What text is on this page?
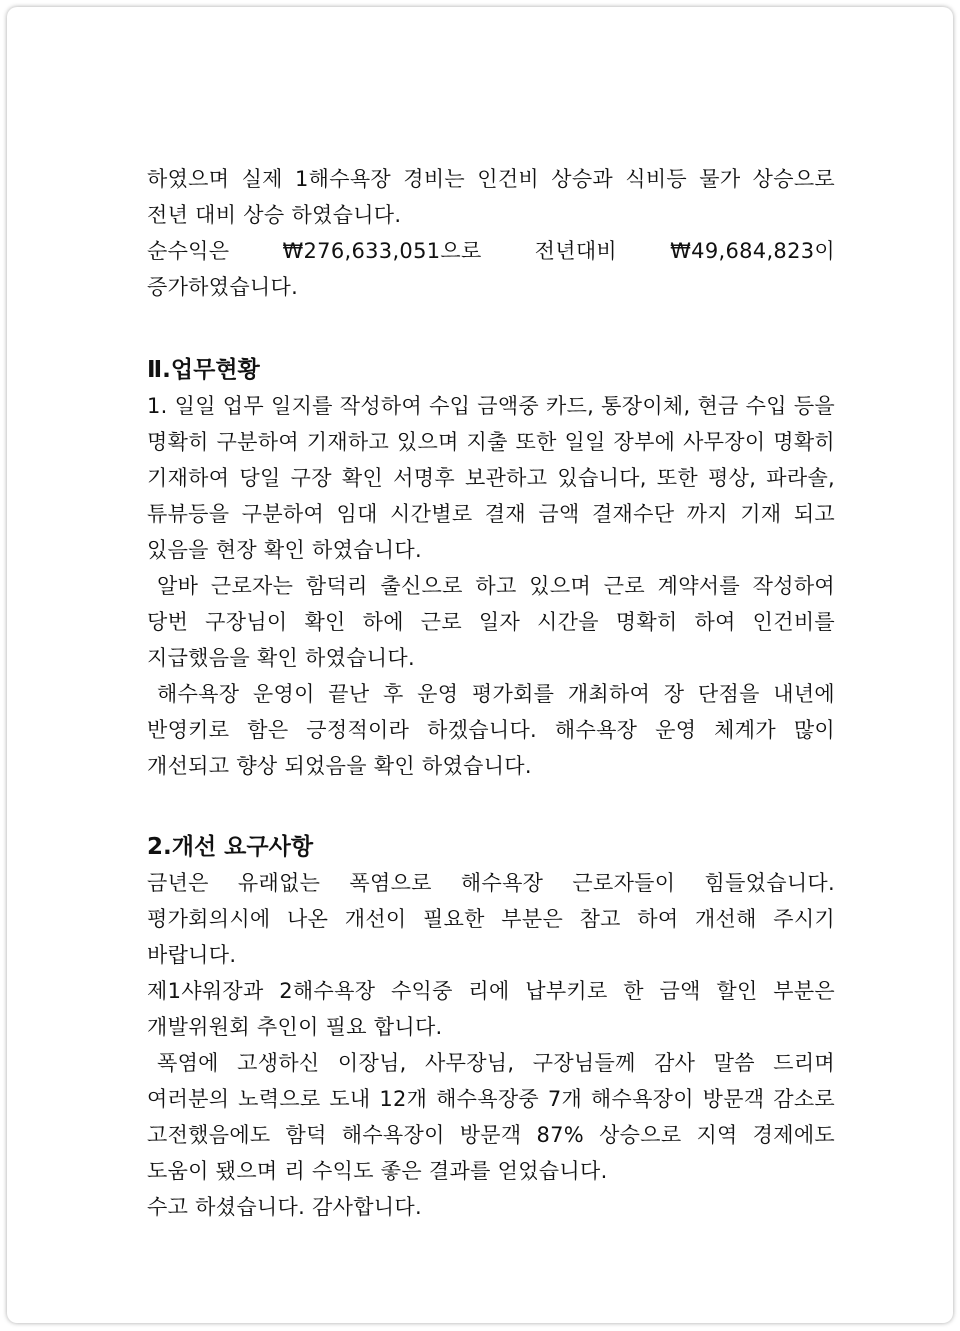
하였으며 실제 1해수욕장 경비는 인건비 상승과 식비등 물가 상승으로 전년 대비 상승 하였습니다.

순수익은 ₩276,633,051으로 전년대비 ₩49,684,823이 증가하였습니다.

Ⅱ.업무현황

1. 일일 업무 일지를 작성하여 수입 금액중 카드, 통장이체, 현금 수입 등을 명확히 구분하여 기재하고 있으며 지출 또한 일일 장부에 사무장이 명확히 기재하여 당일 구장 확인 서명후 보관하고 있습니다, 또한 평상, 파라솔, 튜뷰등을 구분하여 임대 시간별로 결재 금액 결재수단 까지 기재 되고 있음을 현장 확인 하였습니다.

알바 근로자는 함덕리 출신으로 하고 있으며 근로 계약서를 작성하여 당번 구장님이 확인 하에 근로 일자 시간을 명확히 하여 인건비를 지급했음을 확인 하였습니다.

해수욕장 운영이 끝난 후 운영 평가회를 개최하여 장 단점을 내년에 반영키로 함은 긍정적이라 하겠습니다. 해수욕장 운영 체계가 많이 개선되고 향상 되었음을 확인 하였습니다.

2.개선 요구사항

금년은 유래없는 폭염으로 해수욕장 근로자들이 힘들었습니다. 평가회의시에 나온 개선이 필요한 부분은 참고 하여 개선해 주시기 바랍니다.

제1샤워장과 2해수욕장 수익중 리에 납부키로 한 금액 할인 부분은 개발위원회 추인이 필요 합니다.

폭염에 고생하신 이장님, 사무장님, 구장님들께 감사 말씀 드리며 여러분의 노력으로 도내 12개 해수욕장중 7개 해수욕장이 방문객 감소로 고전했음에도 함덕 해수욕장이 방문객 87% 상승으로 지역 경제에도 도움이 됐으며 리 수익도 좋은 결과를 얻었습니다.

수고 하셨습니다. 감사합니다.
